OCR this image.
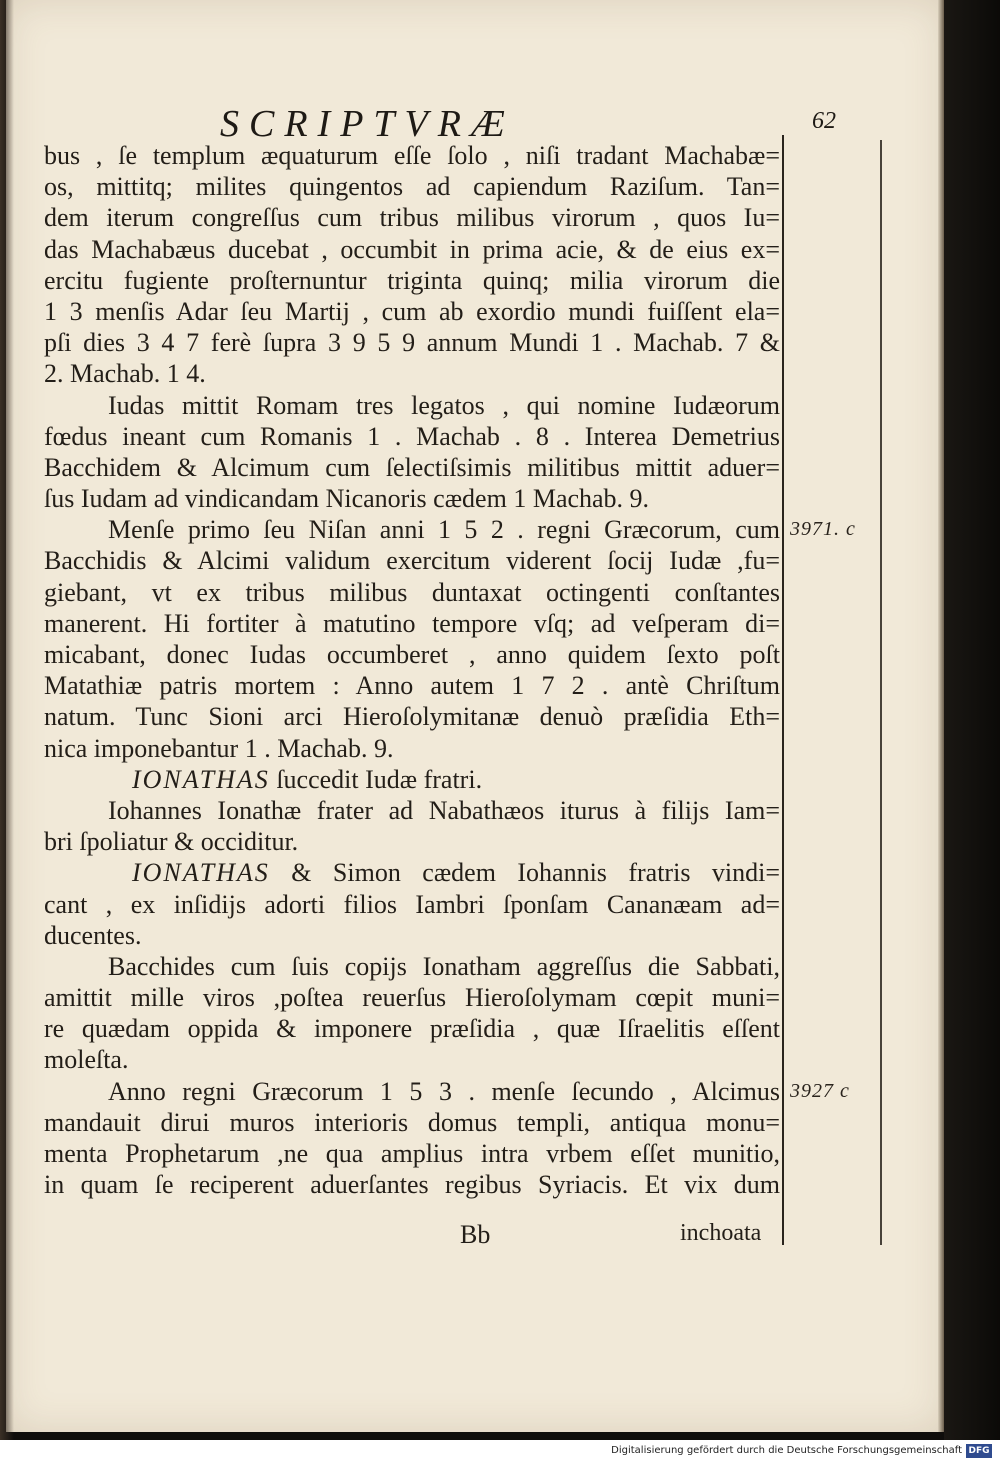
SCRIPTVRÆ	62
bus , ſe templum æquaturum eſſe ſolo , niſi tradant Machabæ=
os, mittitq; milites quingentos ad capiendum Raziſum. Tan=
dem iterum congreſſus cum tribus milibus virorum , quos Iu=
das Machabæus ducebat , occumbit in prima acie, & de eius ex=
ercitu fugiente proſternuntur triginta quinq; milia virorum die
1 3 menſis Adar ſeu Martij , cum ab exordio mundi fuiſſent ela=
pſi dies 3 4 7 ferè ſupra 3 9 5 9 annum Mundi 1 . Machab. 7 &
2. Machab. 1 4.
Iudas mittit Romam tres legatos , qui nomine Iudæorum
fœdus ineant cum Romanis 1 . Machab . 8 . Interea Demetrius
Bacchidem & Alcimum cum ſelectiſsimis militibus mittit aduer=
ſus Iudam ad vindicandam Nicanoris cædem 1 Machab. 9.
Menſe primo ſeu Niſan anni 1 5 2 . regni Græcorum, cum
Bacchidis & Alcimi validum exercitum viderent ſocij Iudæ ,fu=
giebant, vt ex tribus milibus duntaxat octingenti conſtantes
manerent. Hi fortiter à matutino tempore vſq; ad veſperam di=
micabant, donec Iudas occumberet , anno quidem ſexto poſt
Matathiæ patris mortem : Anno autem 1 7 2 . antè Chriſtum
natum. Tunc Sioni arci Hieroſolymitanæ denuò præſidia Eth=
nica imponebantur 1 . Machab. 9.
IONATHAS ſuccedit Iudæ fratri.
Iohannes Ionathæ frater ad Nabathæos iturus à filijs Iam=
bri ſpoliatur & occiditur.
IONATHAS & Simon cædem Iohannis fratris vindi=
cant , ex inſidijs adorti filios Iambri ſponſam Cananæam ad=
ducentes.
Bacchides cum ſuis copijs Ionatham aggreſſus die Sabbati,
amittit mille viros ,poſtea reuerſus Hieroſolymam cœpit muni=
re quædam oppida & imponere præſidia , quæ Iſraelitis eſſent
moleſta.
Anno regni Græcorum 1 5 3 . menſe ſecundo , Alcimus
mandauit dirui muros interioris domus templi, antiqua monu=
menta Prophetarum ,ne qua amplius intra vrbem eſſet munitio,
in quam ſe reciperent aduerſantes regibus Syriacis. Et vix dum
3971. c
3927 c
Bb	inchoata
Digitalisierung gefördert durch die Deutsche Forschungsgemeinschaft DFG
